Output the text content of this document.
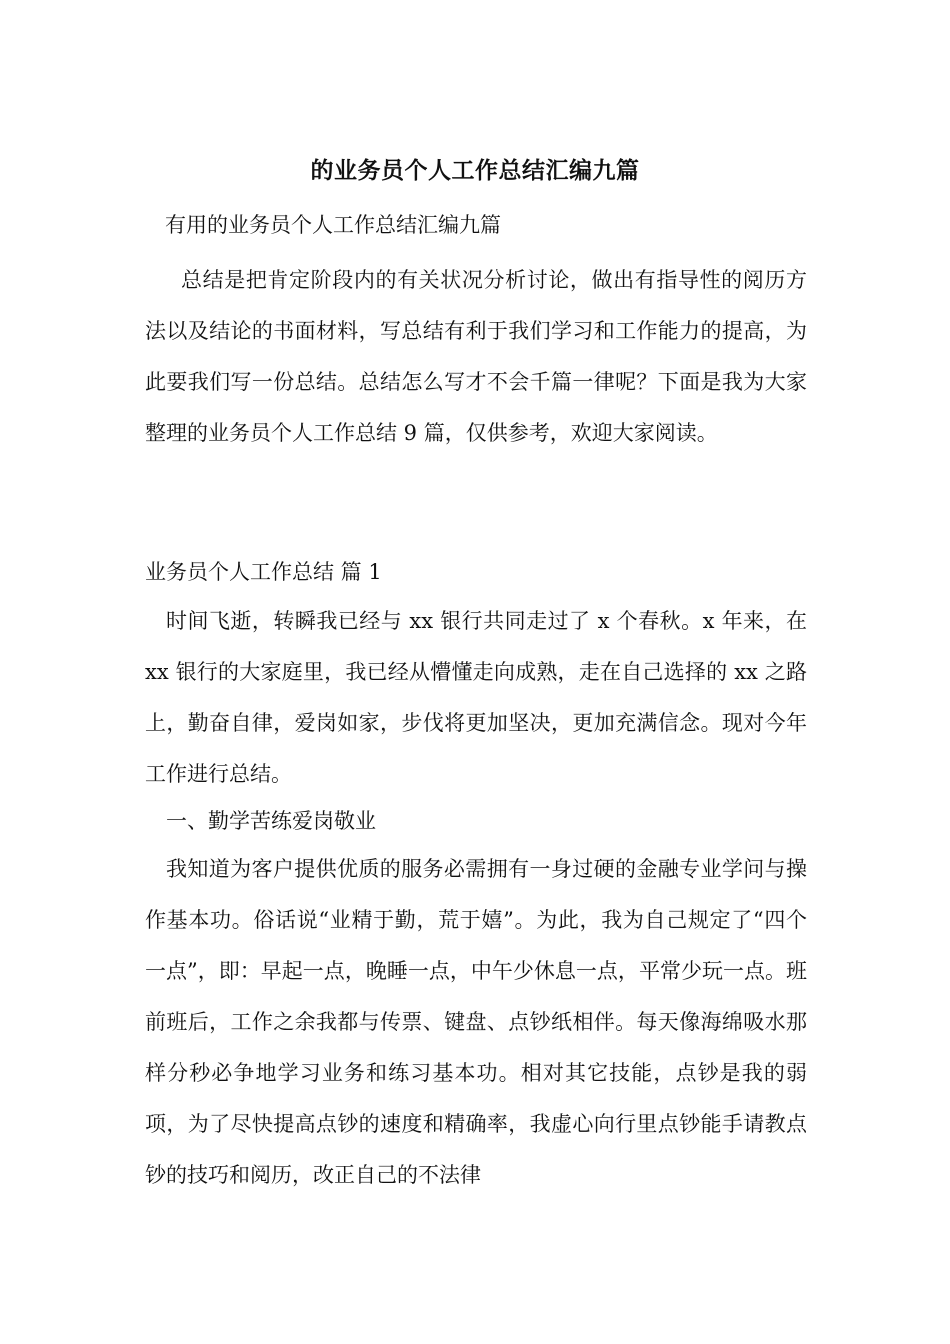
的业务员个人工作总结汇编九篇
有用的业务员个人工作总结汇编九篇

总结是把肯定阶段内的有关状况分析讨论，做出有指导性的阅历方法以及结论的书面材料，写总结有利于我们学习和工作能力的提高，为此要我们写一份总结。总结怎么写才不会千篇一律呢？下面是我为大家整理的业务员个人工作总结 9 篇，仅供参考，欢迎大家阅读。

业务员个人工作总结 篇 1

时间飞逝，转瞬我已经与 xx 银行共同走过了 x 个春秋。x 年来，在 xx 银行的大家庭里，我已经从懵懂走向成熟，走在自己选择的 xx 之路上，勤奋自律，爱岗如家，步伐将更加坚决，更加充满信念。现对今年工作进行总结。

一、勤学苦练爱岗敬业

我知道为客户提供优质的服务必需拥有一身过硬的金融专业学问与操作基本功。俗话说“业精于勤，荒于嬉”。为此，我为自己规定了“四个一点”，即：早起一点，晚睡一点，中午少休息一点，平常少玩一点。班前班后，工作之余我都与传票、键盘、点钞纸相伴。每天像海绵吸水那样分秒必争地学习业务和练习基本功。相对其它技能，点钞是我的弱项，为了尽快提高点钞的速度和精确率，我虚心向行里点钞能手请教点钞的技巧和阅历，改正自己的不法律
